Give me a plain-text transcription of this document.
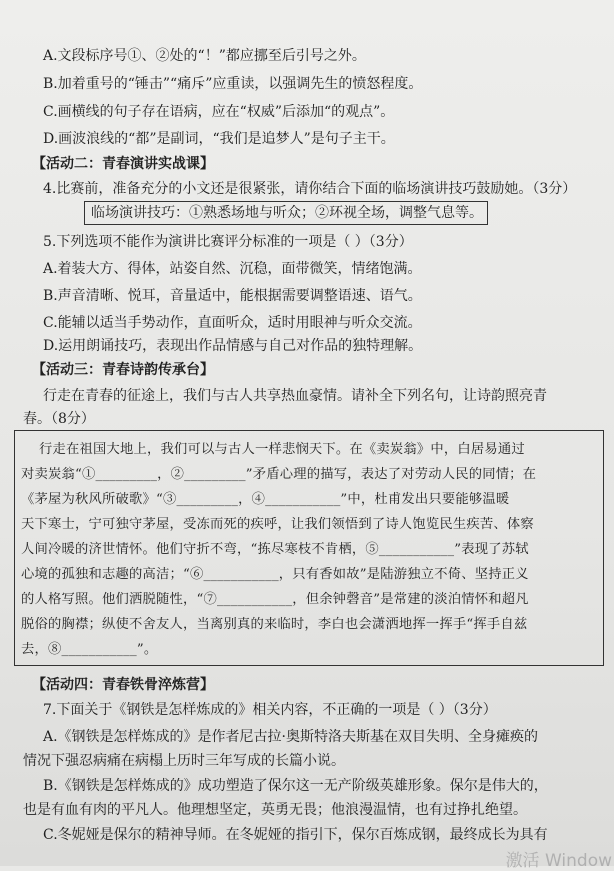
A.文段标序号①、②处的“！”都应挪至后引号之外。
B.加着重号的“锤击”“痛斥”应重读，以强调先生的愤怒程度。
C.画横线的句子存在语病，应在“权威”后添加“的观点”。
D.画波浪线的“都”是副词，“我们是追梦人”是句子主干。
【活动二：青春演讲实战课】
4.比赛前，准备充分的小文还是很紧张，请你结合下面的临场演讲技巧鼓励她。（3分）
临场演讲技巧：①熟悉场地与听众；②环视全场，调整气息等。
5.下列选项不能作为演讲比赛评分标准的一项是（ ）（3分）
A.着装大方、得体，站姿自然、沉稳，面带微笑，情绪饱满。
B.声音清晰、悦耳，音量适中，能根据需要调整语速、语气。
C.能辅以适当手势动作，直面听众，适时用眼神与听众交流。
D.运用朗诵技巧，表现出作品情感与自己对作品的独特理解。
【活动三：青春诗韵传承台】
行走在青春的征途上，我们与古人共享热血豪情。请补全下列名句，让诗韵照亮青
春。（8分）
行走在祖国大地上，我们可以与古人一样悲悯天下。在《卖炭翁》中，白居易通过
对卖炭翁“①_________，②_________”矛盾心理的描写，表达了对劳动人民的同情；在
《茅屋为秋风所破歌》“③_________，④___________”中，杜甫发出只要能够温暖
天下寒士，宁可独守茅屋，受冻而死的疾呼，让我们领悟到了诗人饱览民生疾苦、体察
人间冷暖的济世情怀。他们守折不弯，“拣尽寒枝不肯栖，⑤___________”表现了苏轼
心境的孤独和志趣的高洁；“⑥___________，只有香如故”是陆游独立不倚、坚持正义
的人格写照。他们洒脱随性，“⑦___________，但余钟磬音”是常建的淡泊情怀和超凡
脱俗的胸襟；纵使不舍友人，当离别真的来临时，李白也会潇洒地挥一挥手“挥手自兹
去，⑧___________”。
【活动四：青春铁骨淬炼营】
7.下面关于《钢铁是怎样炼成的》相关内容，不正确的一项是（ ）（3分）
A.《钢铁是怎样炼成的》是作者尼古拉·奥斯特洛夫斯基在双目失明、全身瘫痪的
情况下强忍病痛在病榻上历时三年写成的长篇小说。
B.《钢铁是怎样炼成的》成功塑造了保尔这一无产阶级英雄形象。保尔是伟大的，
也是有血有肉的平凡人。他理想坚定，英勇无畏；他浪漫温情，也有过挣扎绝望。
C.冬妮娅是保尔的精神导师。在冬妮娅的指引下，保尔百炼成钢，最终成长为具有
激活 Window
